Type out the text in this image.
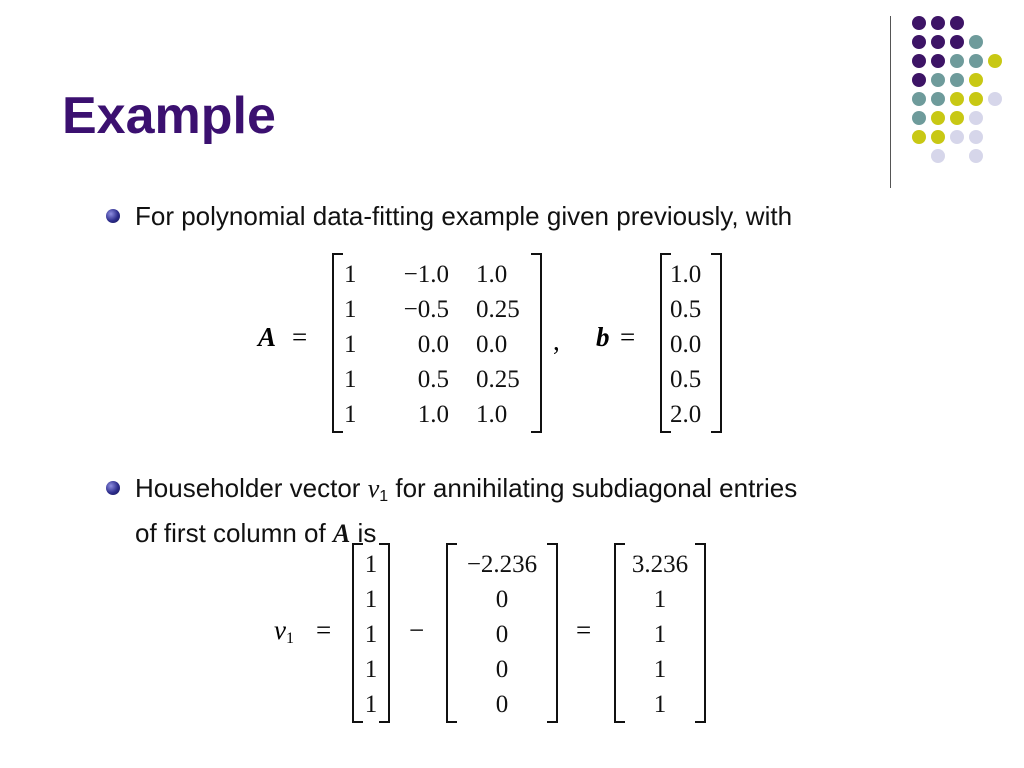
Example
For polynomial data-fitting example given previously, with
A =
1 −1.0 1.0
1 −0.5 0.25
1 0.0 0.0
1 0.5 0.25
1 1.0 1.0
, b =
1.0
0.5
0.0
0.5
2.0
Householder vector $v_1$ for annihilating subdiagonal entries
of first column of A is
$v_1$ =
1
1
1
1
1
−
−2.236
0
0
0
0
=
3.236
1
1
1
1
